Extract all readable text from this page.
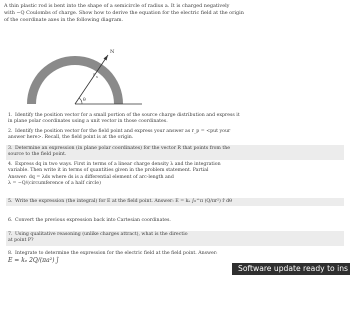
A thin plastic rod is bent into the shape of a semicircle of radius a. It is charged negatively
with −Q Coulombs of charge. Show how to derive the equation for the electric field at the origin
of the coordinate axes in the following diagram.
N
r s
θ
1. Identify the position vector for a small portion of the source charge distribution and express it
in plane polar coordinates using a unit vector in those coordinates.
2. Identify the position vector for the field point and express your answer as r_p = <put your
answer here>. Recall, the field point is at the origin.
3. Determine an expression (in plane polar coordinates) for the vector R that points from the
source to the field point.
4. Express dq in two ways. First in terms of a linear charge density λ and the integration
variable. Then write it in terms of quantities given in the problem statement. Partial
Answer: dq = λds where ds is a differential element of arc-length and
λ = −Q/(circumference of a half circle)
5. Write the expression (the integral) for E at the field point. Answer: E = kₑ ∫₀^π (Q/πr²) r̂ dθ
6. Convert the previous expression back into Cartesian coordinates.
7. Using qualitative reasoning (unlike charges attract), what is the directio
at point P?
8. Integrate to determine the expression for the electric field at the field point. Answer:
E = kₑ 2Q/(πa²) ĵ
Software update ready to ins
